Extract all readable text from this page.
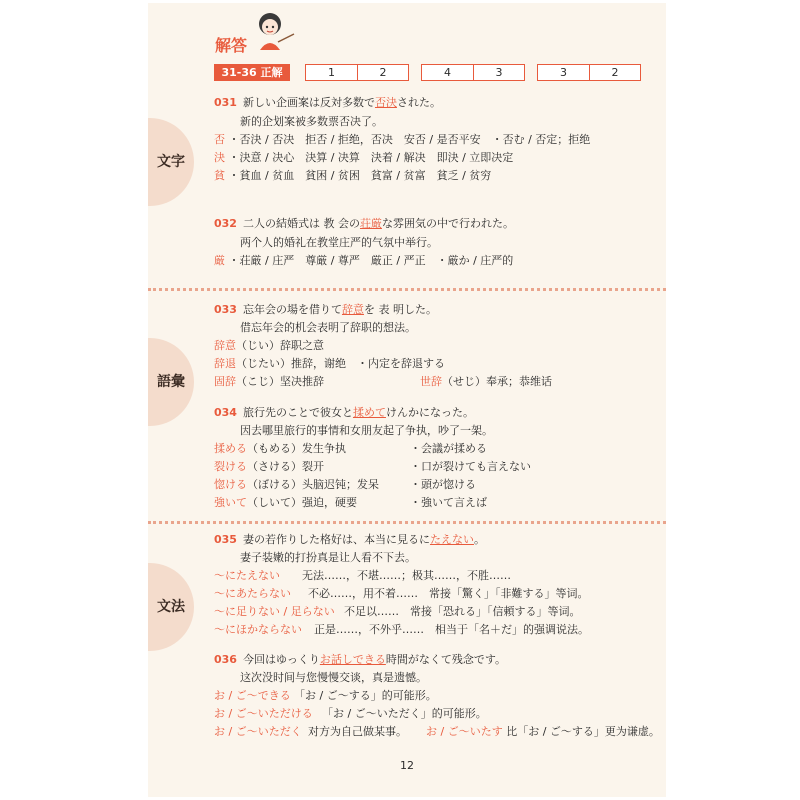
解答
31-36 正解	1	2	4	3	3	2
文字
語彙
文法
031 新しい企画案は反対多数で否決された。
新的企划案被多数票否决了。
否 ・否決 / 否决　拒否 / 拒绝，否决　安否 / 是否平安　・否む / 否定；拒绝
決 ・決意 / 决心　決算 / 决算　決着 / 解决　即決 / 立即决定
貧 ・貧血 / 贫血　貧困 / 贫困　貧富 / 贫富　貧乏 / 贫穷
032 二人の結婚式は 教 会の荘厳な雰囲気の中で行われた。
两个人的婚礼在教堂庄严的气氛中举行。
厳 ・荘厳 / 庄严　尊厳 / 尊严　厳正 / 严正　・厳か / 庄严的
033 忘年会の場を借りて辞意を 表 明した。
借忘年会的机会表明了辞职的想法。
辞意（じい）辞职之意
辞退（じたい）推辞，谢绝　・内定を辞退する
固辞（こじ）坚决推辞	世辞（せじ）奉承；恭维话
034 旅行先のことで彼女と揉めてけんかになった。
因去哪里旅行的事情和女朋友起了争执，吵了一架。
揉める（もめる）发生争执	・会議が揉める
裂ける（さける）裂开	・口が裂けても言えない
惚ける（ぼける）头脑迟钝；发呆	・頭が惚ける
強いて（しいて）强迫，硬要	・強いて言えば
035 妻の若作りした格好は、本当に見るにたえない。
妻子装嫩的打扮真是让人看不下去。
～にたえない 无法……，不堪……；极其……，不胜……
～にあたらない 不必……，用不着……　常接「驚く」「非難する」等词。
～に足りない / 足らない 不足以……　常接「恐れる」「信頼する」等词。
～にほかならない 正是……，不外乎……　相当于「名＋だ」的强调说法。
036 今回はゆっくりお話しできる時間がなくて残念です。
这次没时间与您慢慢交谈，真是遗憾。
お / ご～できる 「お / ご～する」的可能形。
お / ご～いただける 「お / ご～いただく」的可能形。
お / ご～いただく 对方为自己做某事。 お / ご～いたす 比「お / ご～する」更为谦虚。
12
